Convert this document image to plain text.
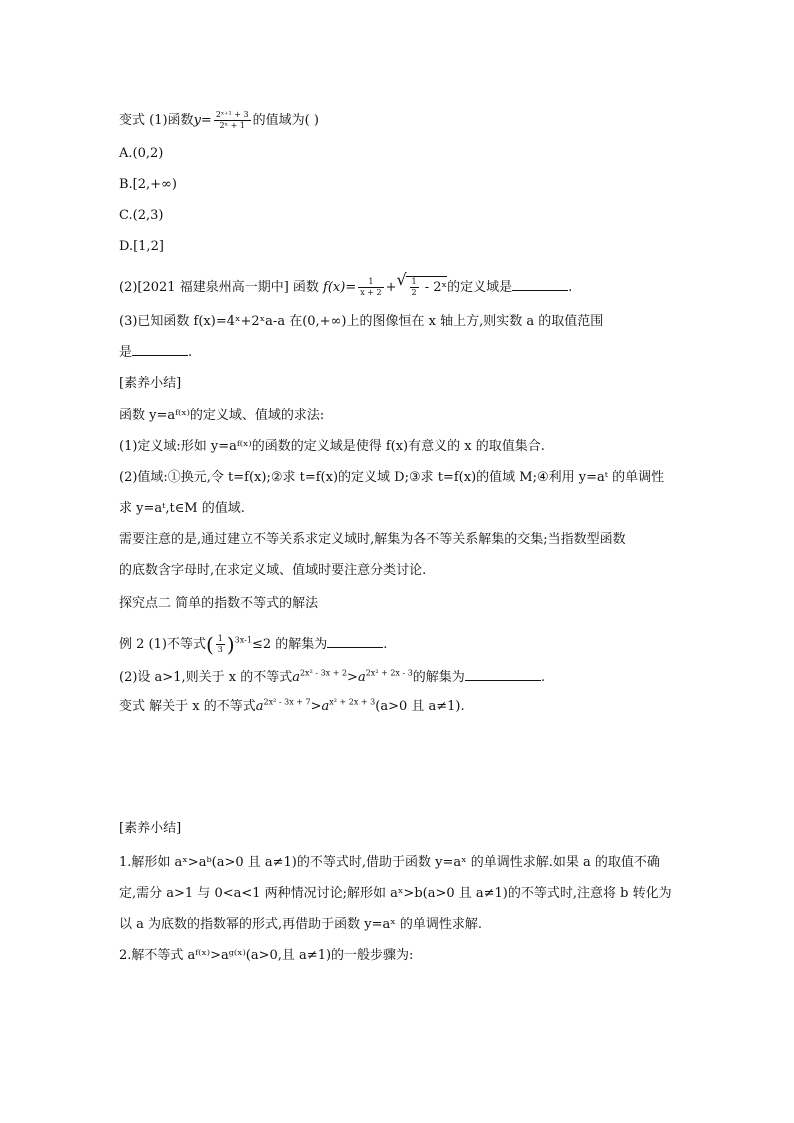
变式 (1)函数$y= \frac{\text{2ˣ⁺¹ + 3}}{\text{2ˣ + 1}}$ 的值域为( )
A.(0,2)
B.[2,+∞)
C.(2,3)
D.[1,2]
(2)[2021 福建泉州高一期中] 函数 $f(x)= \frac{1}{x + 2}$ + √ $\frac{1}{2}$ - 2ˣ的定义域是	.
(3)已知函数 f(x)=4ˣ+2ˣa-a 在(0,+∞)上的图像恒在 x 轴上方,则实数 a 的取值范围
是	.
[素养小结]
函数 y=aᶠ⁽ˣ⁾的定义域、值域的求法:
(1)定义域:形如 y=aᶠ⁽ˣ⁾的函数的定义域是使得 f(x)有意义的 x 的取值集合.
(2)值域:①换元,令 t=f(x);②求 t=f(x)的定义域 D;③求 t=f(x)的值域 M;④利用 y=aᵗ 的单调性
求 y=aᵗ,t∈M 的值域.
需要注意的是,通过建立不等关系求定义域时,解集为各不等关系解集的交集;当指数型函数
的底数含字母时,在求定义域、值域时要注意分类讨论.
探究点二 简单的指数不等式的解法
例 2 (1)不等式( $\frac{1}{3} )^{3x-1}\le 2$ 的解集为	.
(2)设 a>1,则关于 x 的不等式$a^{2x^2 - 3x + 2}>a^{2x^2 + 2x - 3}$的解集为	.
变式 解关于 x 的不等式$a^{2x^2 - 3x + 7}>a^{x^2 + 2x + 3}(a>0$ 且 a≠1).
[素养小结]
1.解形如 aˣ>aᵇ(a>0 且 a≠1)的不等式时,借助于函数 y=aˣ 的单调性求解.如果 a 的取值不确
定,需分 a>1 与 0<a<1 两种情况讨论;解形如 aˣ>b(a>0 且 a≠1)的不等式时,注意将 b 转化为
以 a 为底数的指数幂的形式,再借助于函数 y=aˣ 的单调性求解.
2.解不等式 aᶠ⁽ˣ⁾>aᵍ⁽ˣ⁾(a>0,且 a≠1)的一般步骤为:
